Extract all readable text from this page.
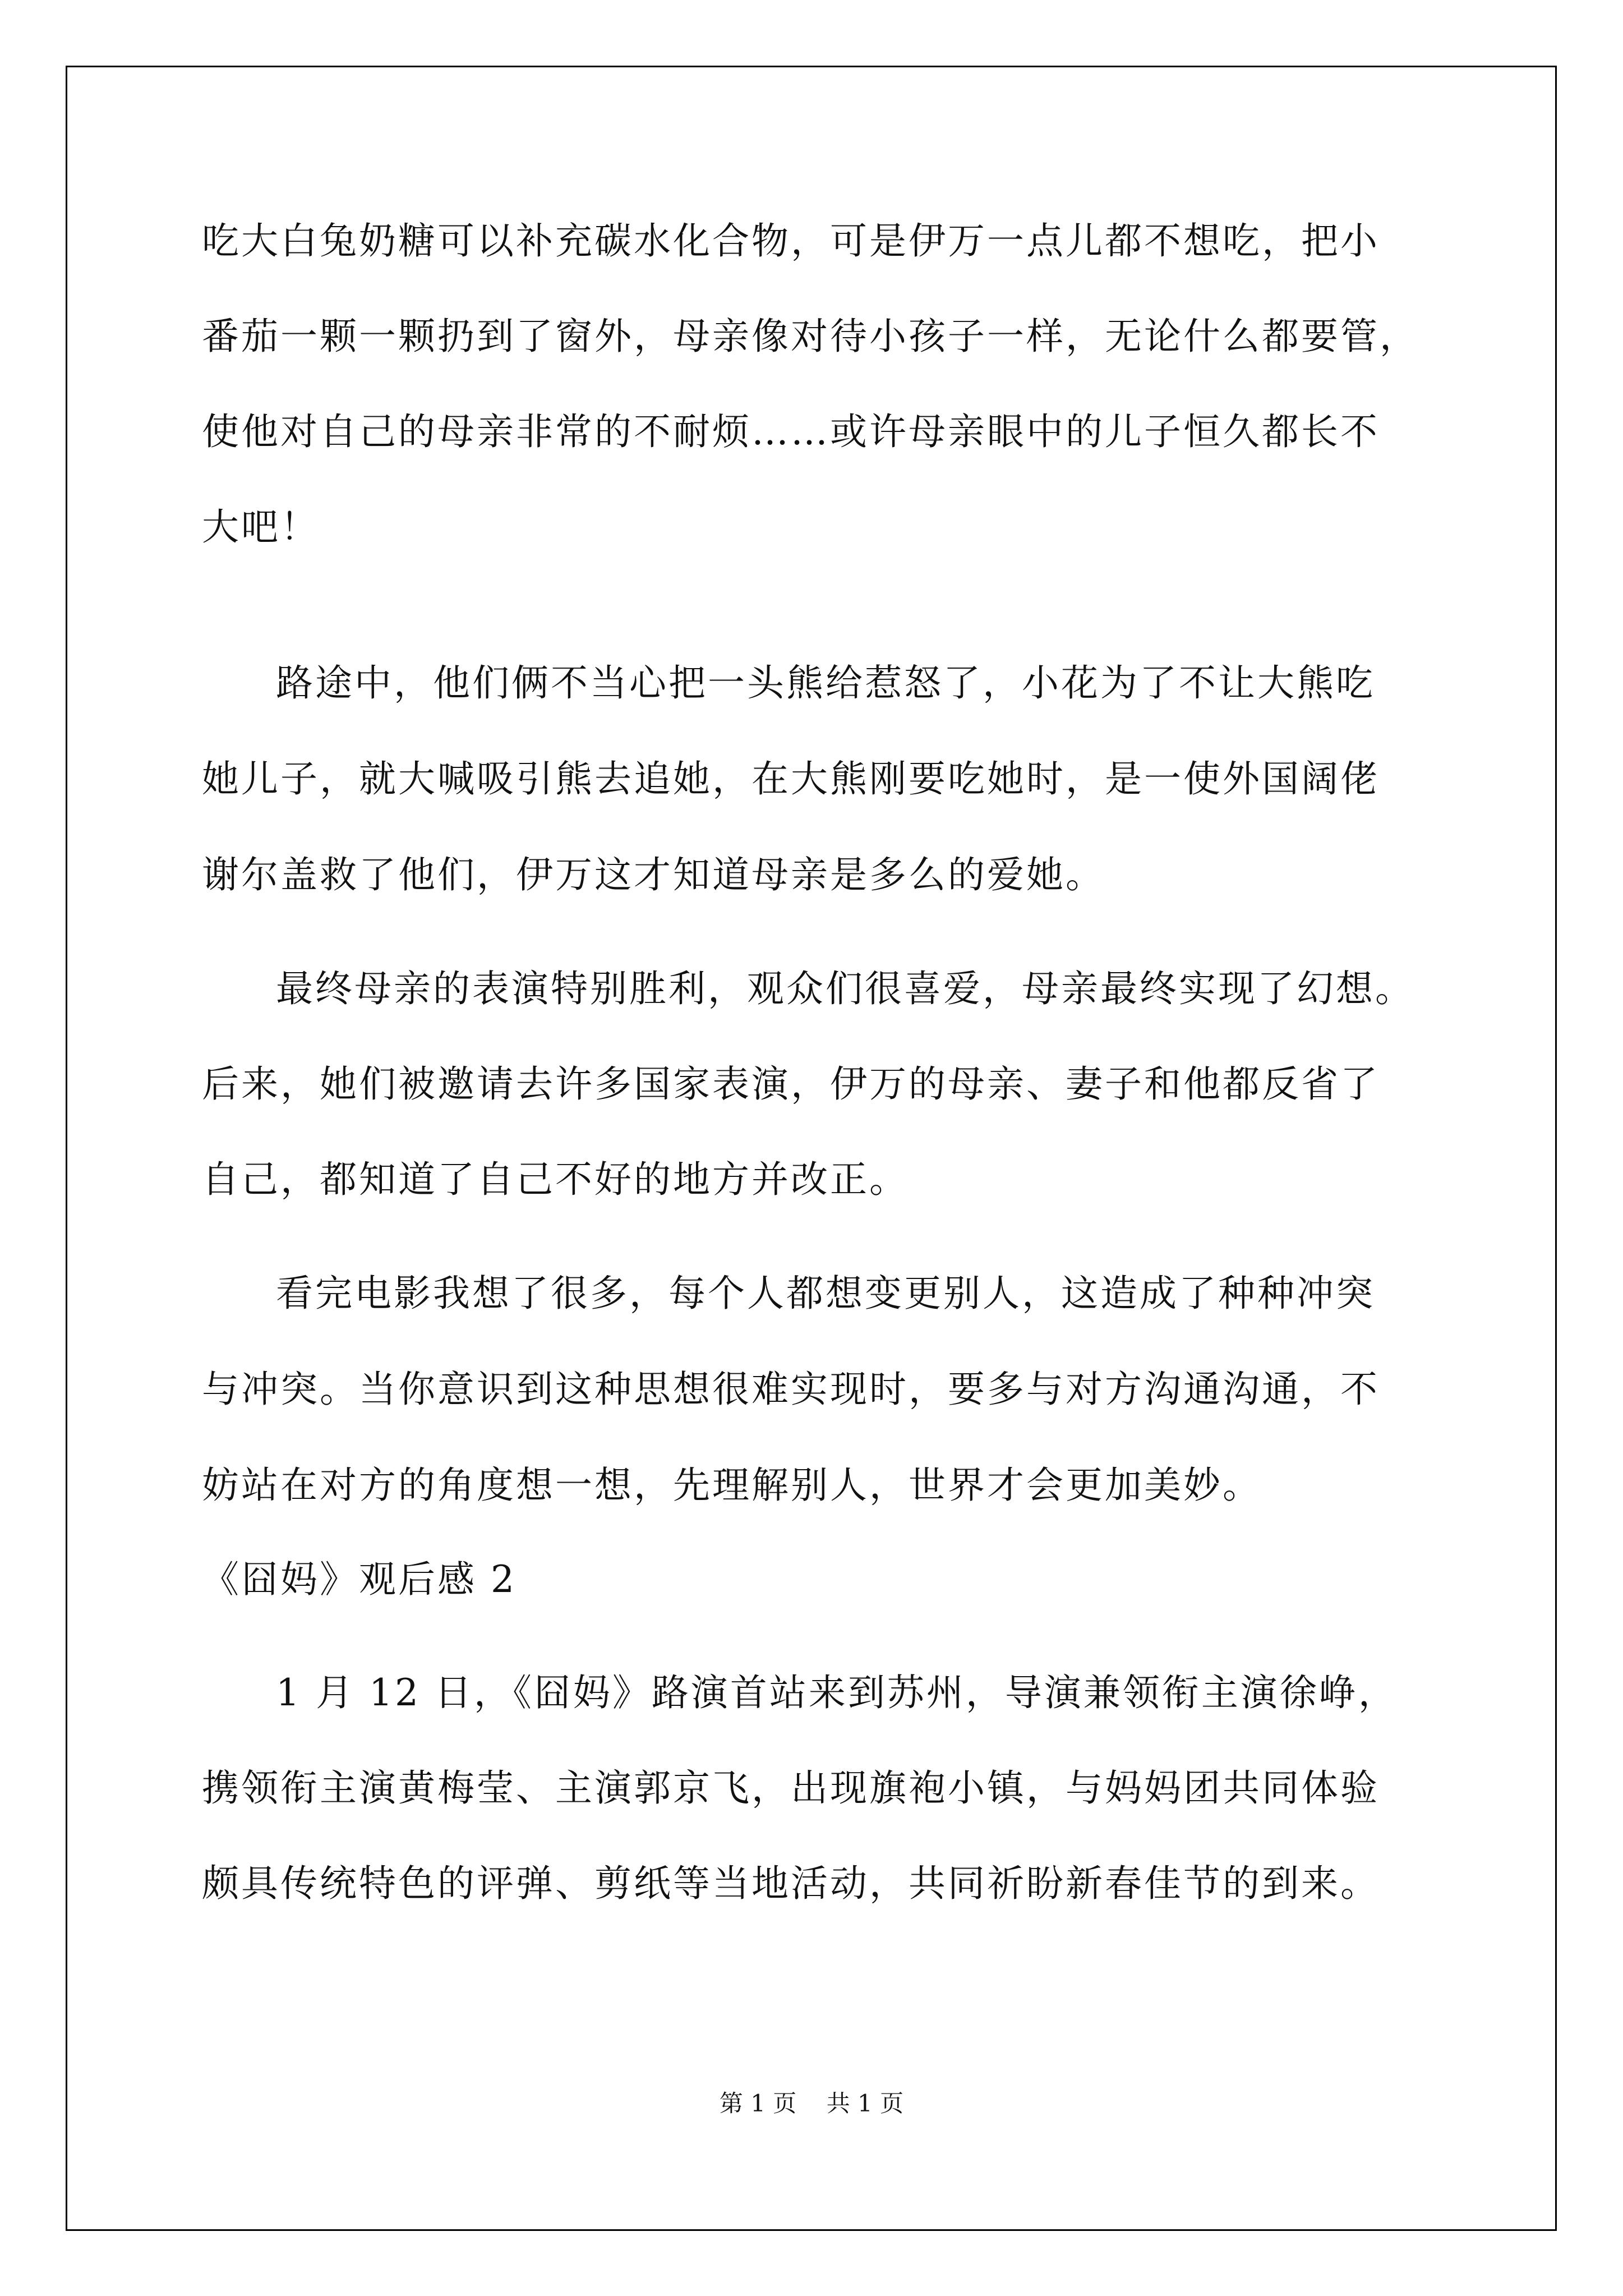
吃大白兔奶糖可以补充碳水化合物，可是伊万一点儿都不想吃，把小
番茄一颗一颗扔到了窗外，母亲像对待小孩子一样，无论什么都要管，
使他对自己的母亲非常的不耐烦……或许母亲眼中的儿子恒久都长不
大吧！
路途中，他们俩不当心把一头熊给惹怒了，小花为了不让大熊吃
她儿子，就大喊吸引熊去追她，在大熊刚要吃她时，是一使外国阔佬
谢尔盖救了他们，伊万这才知道母亲是多么的爱她。
最终母亲的表演特别胜利，观众们很喜爱，母亲最终实现了幻想。
后来，她们被邀请去许多国家表演，伊万的母亲、妻子和他都反省了
自己，都知道了自己不好的地方并改正。
看完电影我想了很多，每个人都想变更别人，这造成了种种冲突
与冲突。当你意识到这种思想很难实现时，要多与对方沟通沟通，不
妨站在对方的角度想一想，先理解别人，世界才会更加美妙。
《囧妈》观后感 2
1 月 12 日，《囧妈》路演首站来到苏州，导演兼领衔主演徐峥，
携领衔主演黄梅莹、主演郭京飞，出现旗袍小镇，与妈妈团共同体验
颇具传统特色的评弹、剪纸等当地活动，共同祈盼新春佳节的到来。
第 1 页 共 1 页
